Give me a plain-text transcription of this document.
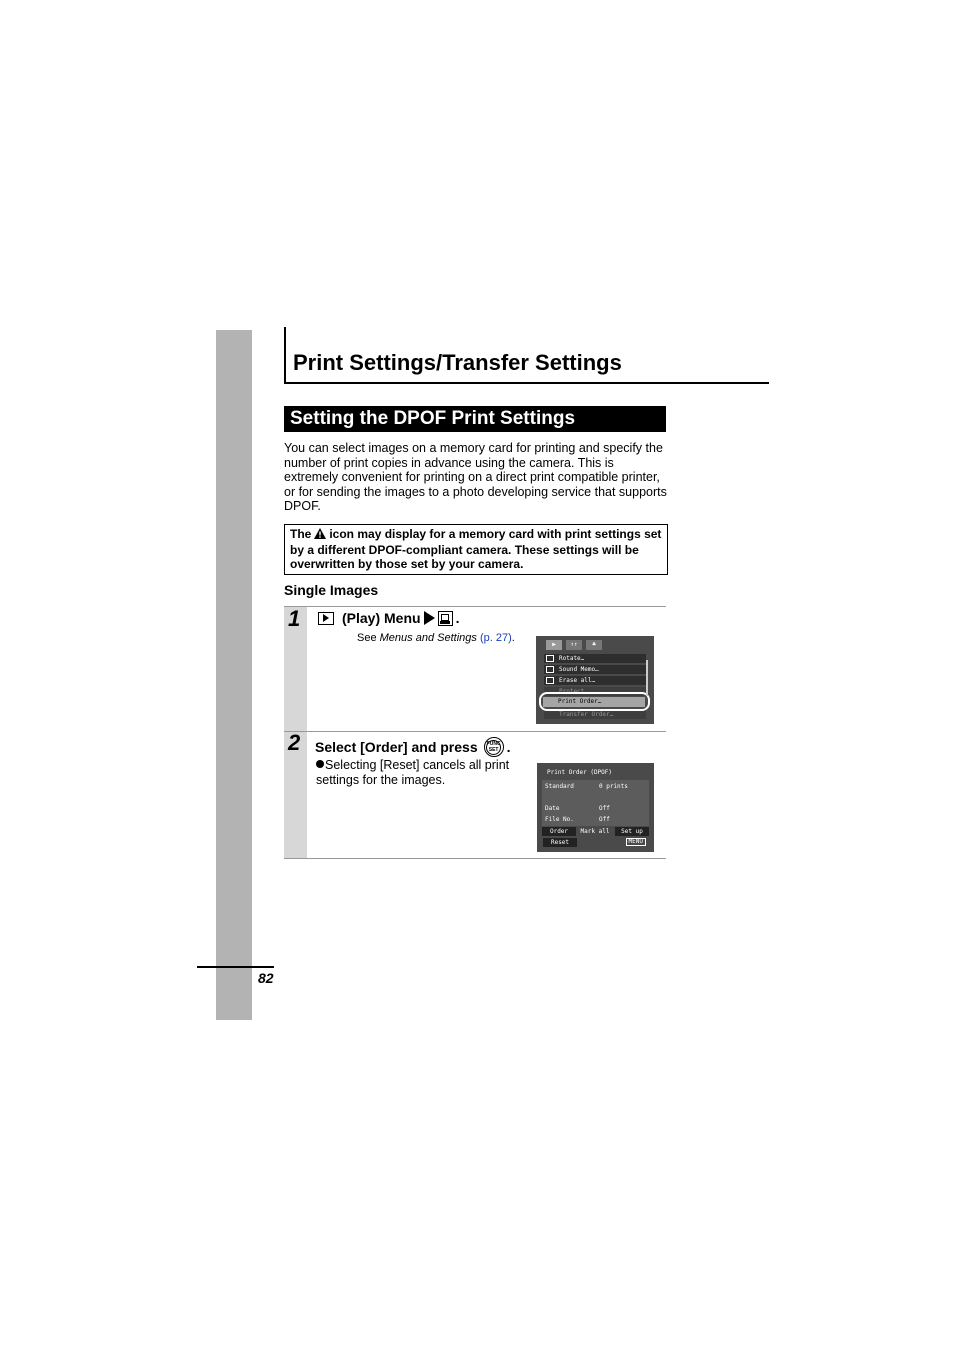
82
Print Settings/Transfer Settings
Setting the DPOF Print Settings
You can select images on a memory card for printing and specify the number of print copies in advance using the camera. This is extremely convenient for printing on a direct print compatible printer, or for sending the images to a photo developing service that supports DPOF.
The icon may display for a memory card with print settings set by a different DPOF-compliant camera. These settings will be overwritten by those set by your camera.
Single Images
1	(Play) Menu	.
See Menus and Settings (p. 27).
▶	↑↑	♣
Rotate…
Sound Memo…
Erase all…
Protect…
Transfer Order…
Print Order…
2 Select [Order] and press	FUNC
SET .
Selecting [Reset] cancels all print settings for the images.
Print Order (DPOF)
Standard	0 prints
Date	Off
File No.	Off
Order	Mark all	Set up
Reset	MENU
